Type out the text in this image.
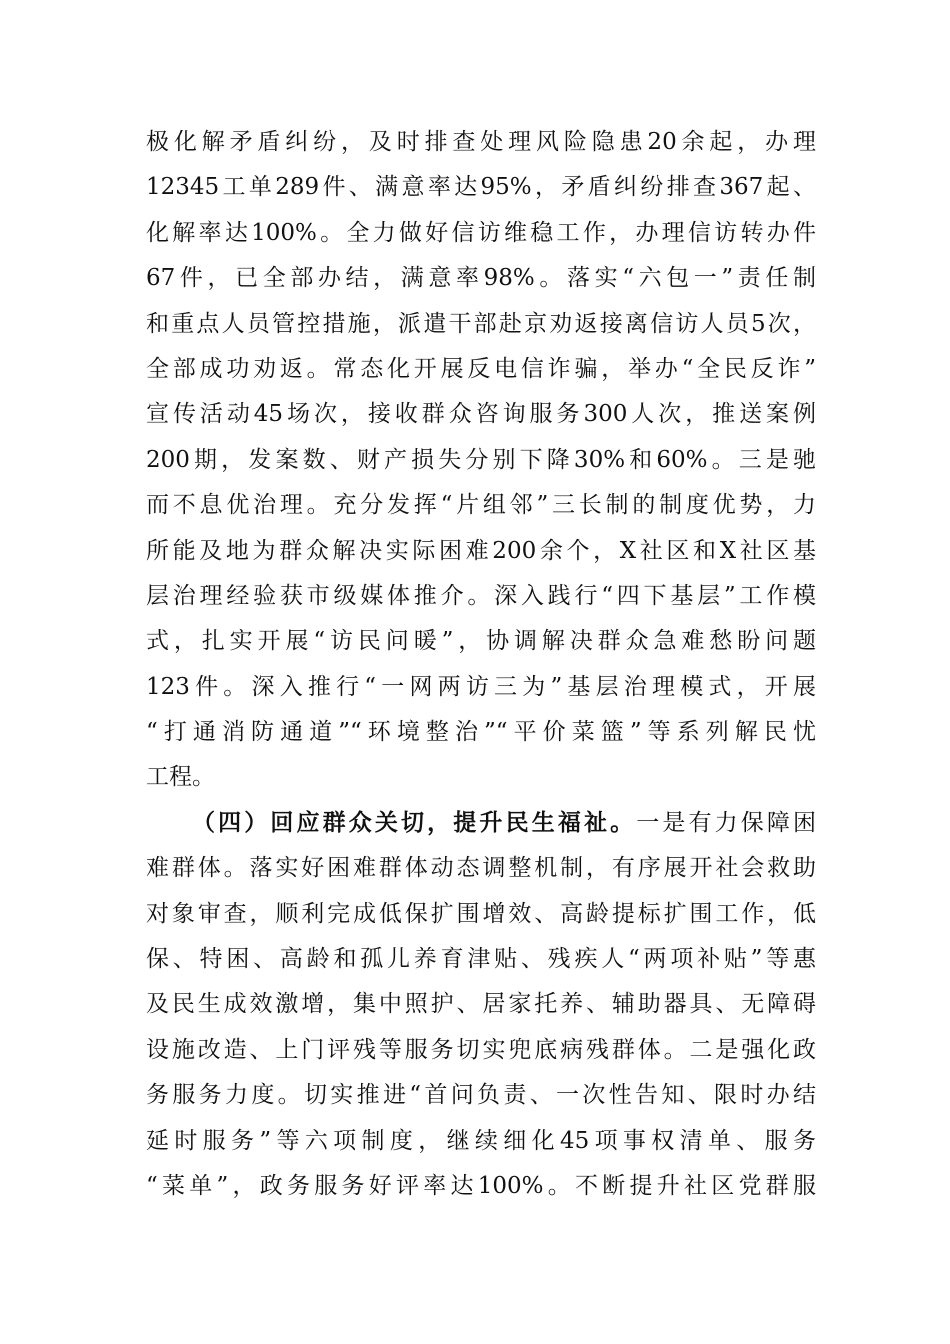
极化解矛盾纠纷，及时排查处理风险隐患20余起，办理
12345工单289件、满意率达95%，矛盾纠纷排查367起、
化解率达100%。全力做好信访维稳工作，办理信访转办件
67件，已全部办结，满意率98%。落实“六包一”责任制
和重点人员管控措施，派遣干部赴京劝返接离信访人员5次，
全部成功劝返。常态化开展反电信诈骗，举办“全民反诈”
宣传活动45场次，接收群众咨询服务300人次，推送案例
200期，发案数、财产损失分别下降30%和60%。三是驰
而不息优治理。充分发挥“片组邻”三长制的制度优势，力
所能及地为群众解决实际困难200余个，X社区和X社区基
层治理经验获市级媒体推介。深入践行“四下基层”工作模
式，扎实开展“访民问暖”，协调解决群众急难愁盼问题
123件。深入推行“一网两访三为”基层治理模式，开展
“打通消防通道”“环境整治”“平价菜篮”等系列解民忧
工程。
（四）回应群众关切，提升民生福祉。一是有力保障困
难群体。落实好困难群体动态调整机制，有序展开社会救助
对象审查，顺利完成低保扩围增效、高龄提标扩围工作，低
保、特困、高龄和孤儿养育津贴、残疾人“两项补贴”等惠
及民生成效激增，集中照护、居家托养、辅助器具、无障碍
设施改造、上门评残等服务切实兜底病残群体。二是强化政
务服务力度。切实推进“首问负责、一次性告知、限时办结
延时服务”等六项制度，继续细化45项事权清单、服务
“菜单”，政务服务好评率达100%。不断提升社区党群服
